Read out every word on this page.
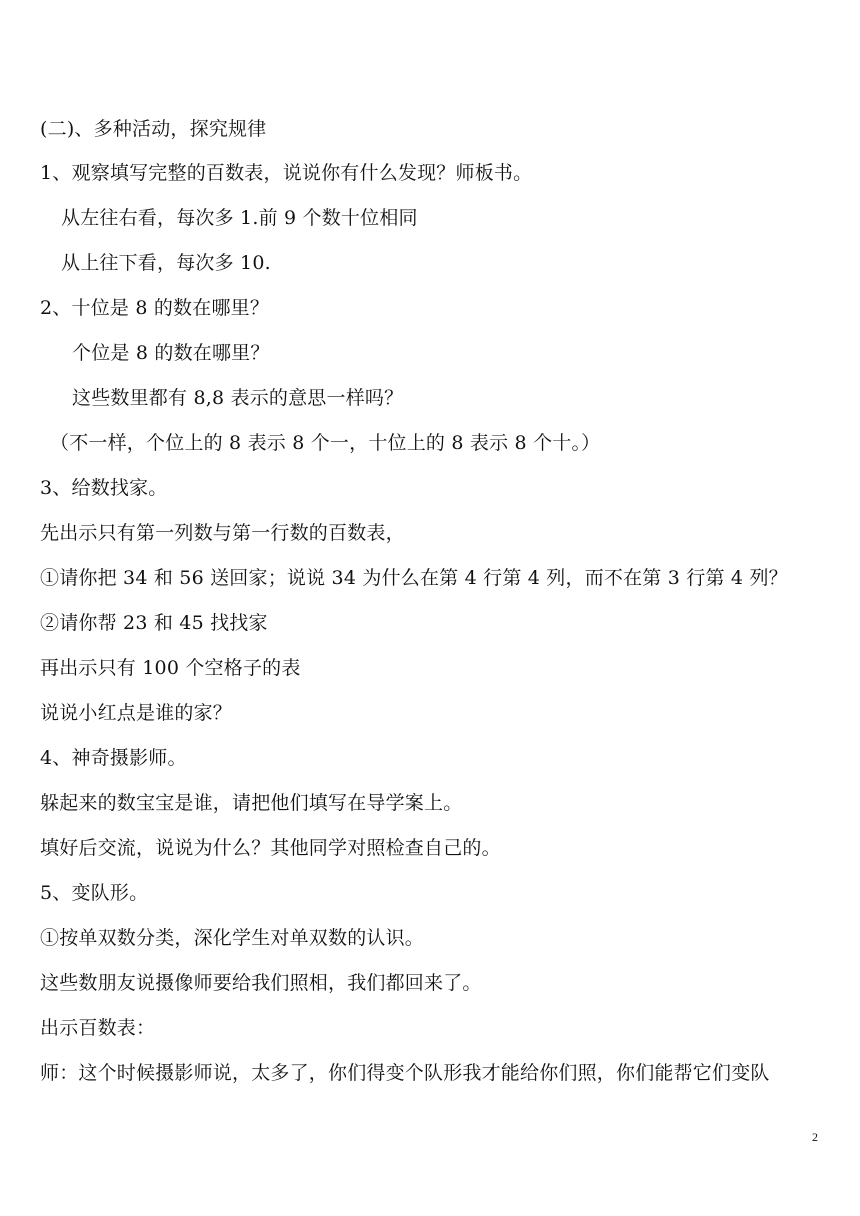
(二)、多种活动，探究规律
1、观察填写完整的百数表，说说你有什么发现？师板书。
从左往右看，每次多 1.前 9 个数十位相同
从上往下看，每次多 10.
2、十位是 8 的数在哪里？
个位是 8 的数在哪里？
这些数里都有 8,8 表示的意思一样吗？
（不一样，个位上的 8 表示 8 个一，十位上的 8 表示 8 个十。）
3、给数找家。
先出示只有第一列数与第一行数的百数表，
①请你把 34 和 56 送回家；说说 34 为什么在第 4 行第 4 列，而不在第 3 行第 4 列？
②请你帮 23 和 45 找找家
再出示只有 100 个空格子的表
说说小红点是谁的家？
4、神奇摄影师。
躲起来的数宝宝是谁，请把他们填写在导学案上。
填好后交流，说说为什么？其他同学对照检查自己的。
5、变队形。
①按单双数分类，深化学生对单双数的认识。
这些数朋友说摄像师要给我们照相，我们都回来了。
出示百数表：
师：这个时候摄影师说，太多了，你们得变个队形我才能给你们照，你们能帮它们变队
2
